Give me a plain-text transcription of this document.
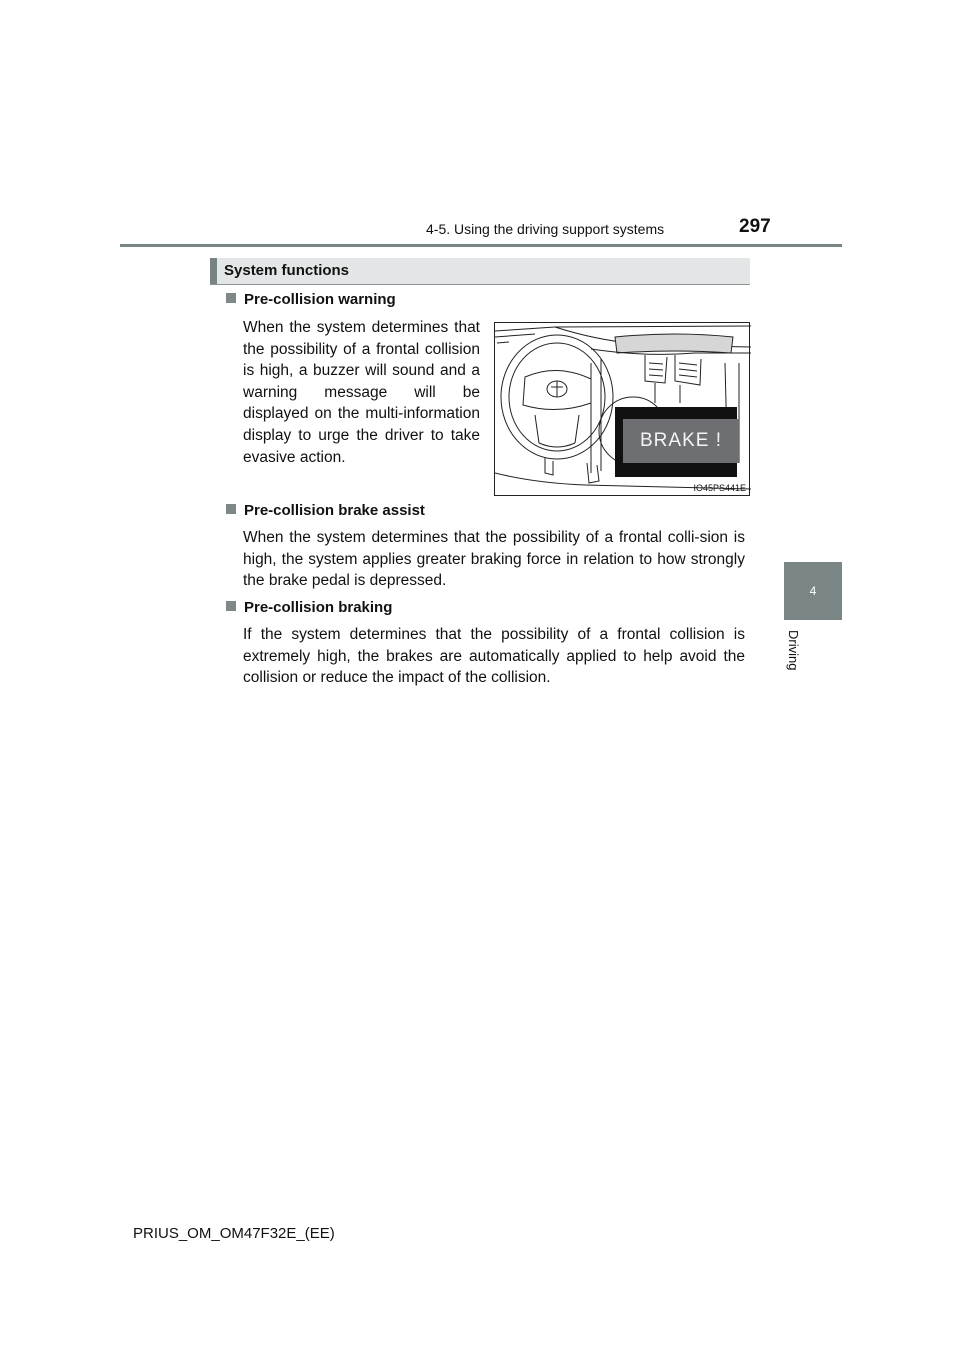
4-5. Using the driving support systems	297
System functions
Pre-collision warning
When the system determines that the possibility of a frontal collision is high, a buzzer will sound and a warning message will be displayed on the multi-information display to urge the driver to take evasive action.
BRAKE !
IO45PS441E
Pre-collision brake assist
When the system determines that the possibility of a frontal colli-sion is high, the system applies greater braking force in relation to how strongly the brake pedal is depressed.
Pre-collision braking
If the system determines that the possibility of a frontal collision is extremely high, the brakes are automatically applied to help avoid the collision or reduce the impact of the collision.
4
Driving
PRIUS_OM_OM47F32E_(EE)
